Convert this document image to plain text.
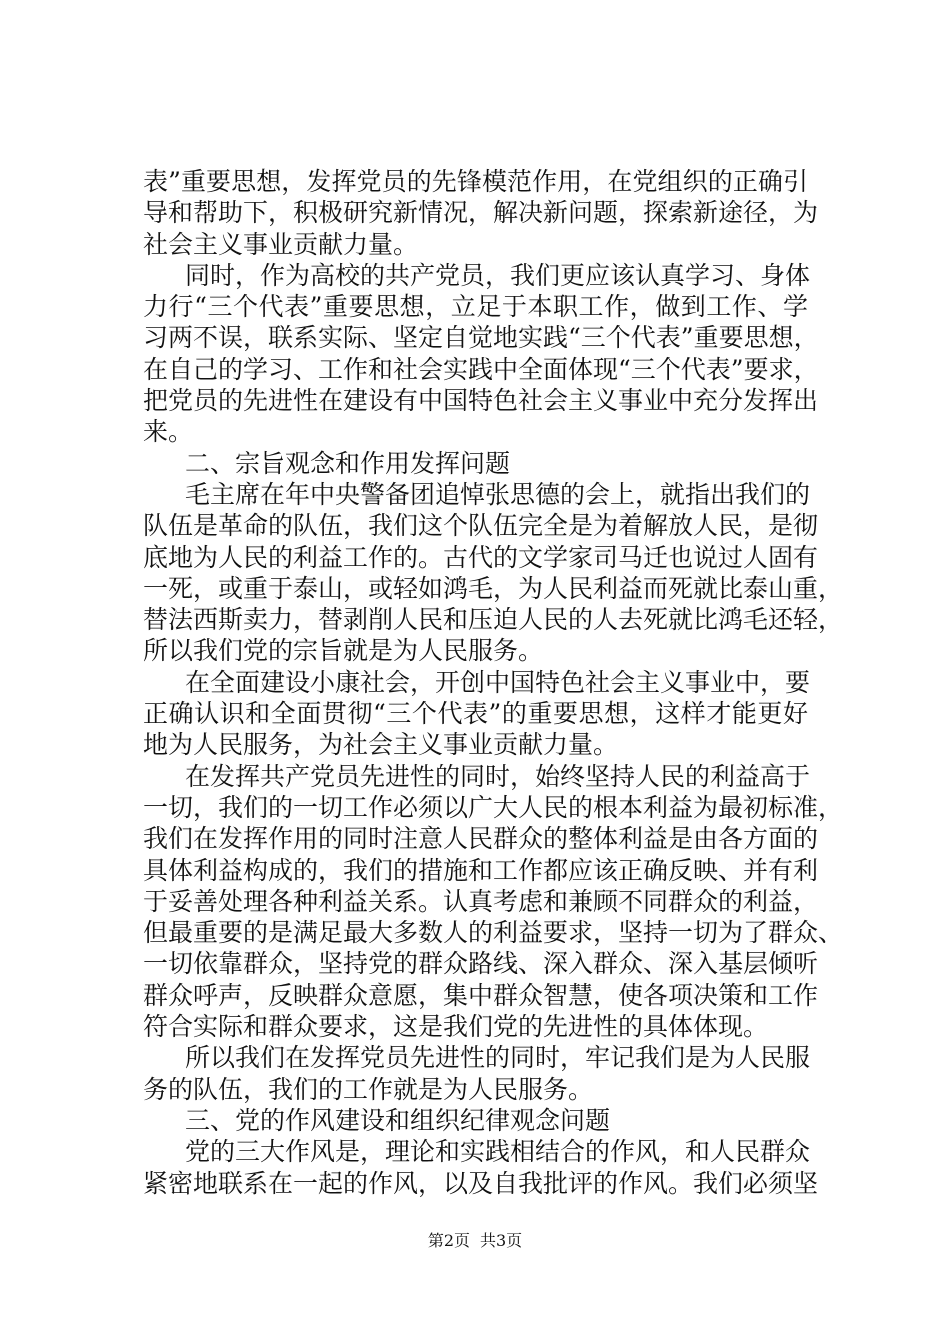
表”重要思想，发挥党员的先锋模范作用，在党组织的正确引
导和帮助下，积极研究新情况，解决新问题，探索新途径，为
社会主义事业贡献力量。
同时，作为高校的共产党员，我们更应该认真学习、身体
力行“三个代表”重要思想，立足于本职工作，做到工作、学
习两不误，联系实际、坚定自觉地实践“三个代表”重要思想，
在自己的学习、工作和社会实践中全面体现“三个代表”要求，
把党员的先进性在建设有中国特色社会主义事业中充分发挥出
来。
二、宗旨观念和作用发挥问题
毛主席在年中央警备团追悼张思德的会上，就指出我们的
队伍是革命的队伍，我们这个队伍完全是为着解放人民，是彻
底地为人民的利益工作的。古代的文学家司马迁也说过人固有
一死，或重于泰山，或轻如鸿毛，为人民利益而死就比泰山重，
替法西斯卖力，替剥削人民和压迫人民的人去死就比鸿毛还轻，
所以我们党的宗旨就是为人民服务。
在全面建设小康社会，开创中国特色社会主义事业中，要
正确认识和全面贯彻“三个代表”的重要思想，这样才能更好
地为人民服务，为社会主义事业贡献力量。
在发挥共产党员先进性的同时，始终坚持人民的利益高于
一切，我们的一切工作必须以广大人民的根本利益为最初标准，
我们在发挥作用的同时注意人民群众的整体利益是由各方面的
具体利益构成的，我们的措施和工作都应该正确反映、并有利
于妥善处理各种利益关系。认真考虑和兼顾不同群众的利益，
但最重要的是满足最大多数人的利益要求，坚持一切为了群众、
一切依靠群众，坚持党的群众路线、深入群众、深入基层倾听
群众呼声，反映群众意愿，集中群众智慧，使各项决策和工作
符合实际和群众要求，这是我们党的先进性的具体体现。
所以我们在发挥党员先进性的同时，牢记我们是为人民服
务的队伍，我们的工作就是为人民服务。
三、党的作风建设和组织纪律观念问题
党的三大作风是，理论和实践相结合的作风，和人民群众
紧密地联系在一起的作风，以及自我批评的作风。我们必须坚
第2页 共3页
